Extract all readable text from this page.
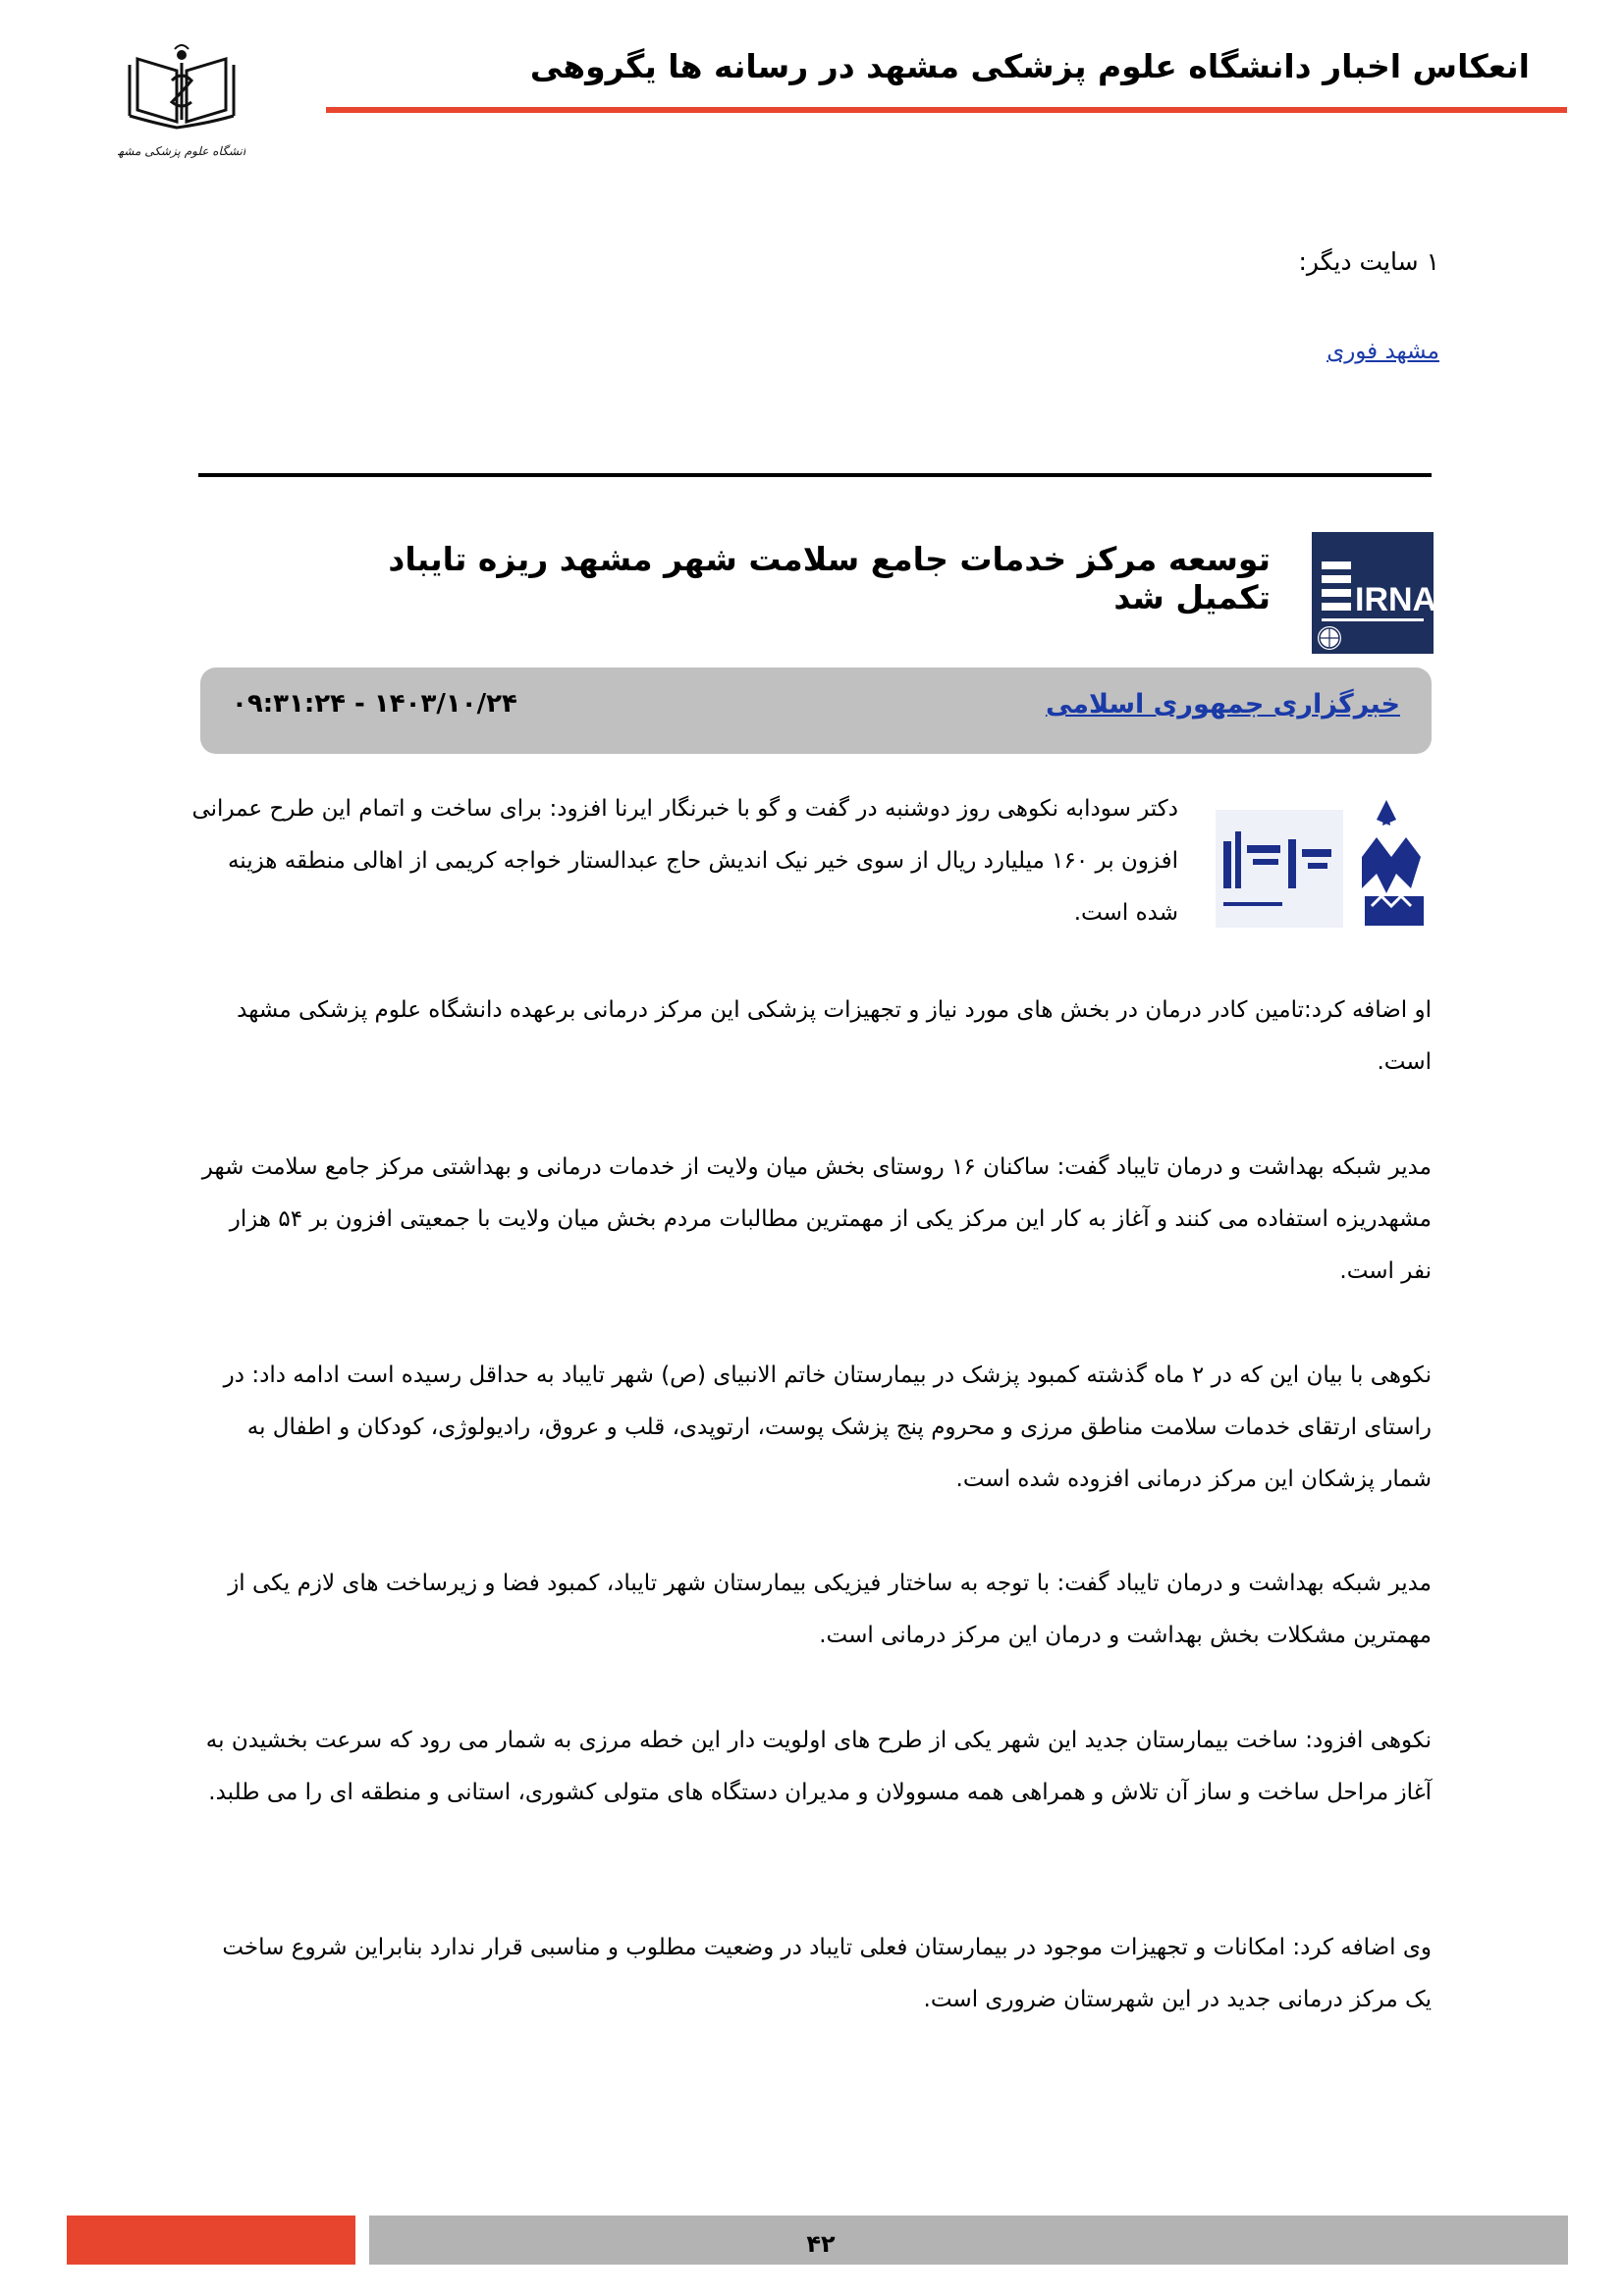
دانشگاه علوم پزشکی مشهد
انعکاس اخبار دانشگاه علوم پزشکی مشهد در رسانه ها یگروهی
۱ سایت دیگر:
مشهد فوری
IRNA
توسعه مرکز خدمات جامع سلامت شهر مشهد ریزه تایباد تکمیل شد
خبرگزاری جمهوری اسلامی
۰۹:۳۱:۲۴ - ۱۴۰۳/۱۰/۲۴
دکتر سودابه نکوهی روز دوشنبه در گفت و گو با خبرنگار ایرنا افزود: برای ساخت و اتمام این طرح عمرانی افزون بر ۱۶۰ میلیارد ریال از سوی خیر نیک اندیش حاج عبدالستار خواجه کریمی از اهالی منطقه هزینه شده است.
او اضافه کرد:تامین کادر درمان در بخش های مورد نیاز و تجهیزات پزشکی این مرکز درمانی برعهده دانشگاه علوم پزشکی مشهد است.
مدیر شبکه بهداشت و درمان تایباد گفت: ساکنان ۱۶ روستای بخش میان ولایت از خدمات درمانی و بهداشتی مرکز جامع سلامت شهر مشهدریزه استفاده می کنند و آغاز به کار این مرکز یکی از مهمترین مطالبات مردم بخش میان ولایت با جمعیتی افزون بر ۵۴ هزار نفر است.
نکوهی با بیان این که در ۲ ماه گذشته کمبود پزشک در بیمارستان خاتم الانبیای (ص) شهر تایباد به حداقل رسیده است ادامه داد: در راستای ارتقای خدمات سلامت مناطق مرزی و محروم پنج پزشک پوست، ارتوپدی، قلب و عروق، رادیولوژی، کودکان و اطفال به شمار پزشکان این مرکز درمانی افزوده شده است.
مدیر شبکه بهداشت و درمان تایباد گفت: با توجه به ساختار فیزیکی بیمارستان شهر تایباد، کمبود فضا و زیرساخت های لازم یکی از مهمترین مشکلات بخش بهداشت و درمان این مرکز درمانی است.
نکوهی افزود: ساخت بیمارستان جدید این شهر یکی از طرح های اولویت دار این خطه مرزی به شمار می رود که سرعت بخشیدن به آغاز مراحل ساخت و ساز آن تلاش و همراهی همه مسوولان و مدیران دستگاه های متولی کشوری، استانی و منطقه ای را می طلبد.
وی اضافه کرد: امکانات و تجهیزات موجود در بیمارستان فعلی تایباد در وضعیت مطلوب و مناسبی قرار ندارد بنابراین شروع ساخت یک مرکز درمانی جدید در این شهرستان ضروری است.
۴۲
